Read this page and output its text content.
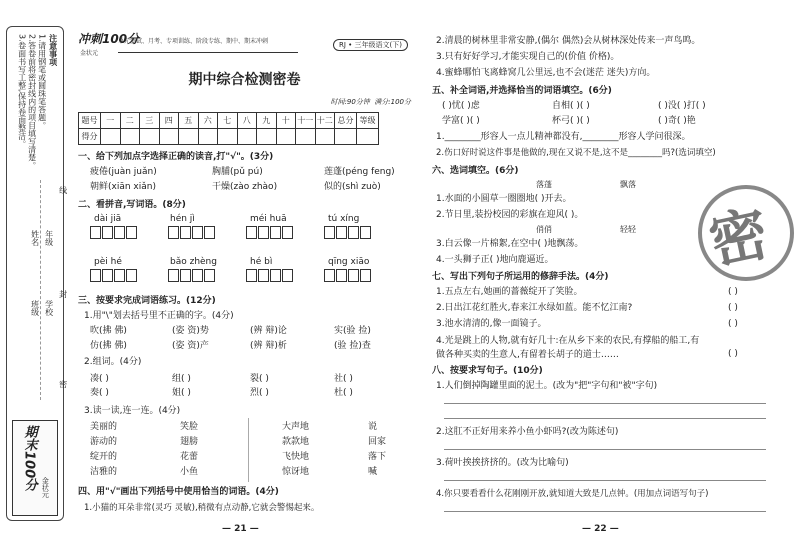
注意事项
1.请用钢笔或圆珠笔答题。
2.答卷前将密封线内的项目填写清楚。
3.卷面书写工整,保持卷面整洁。
学校
班级
年级
姓名
线
封
密
期末100分 金状元
冲刺100分
金状元
单元测试、月考、专项训练、阶段专练、期中、期末冲刺	RJ • 三年级语文(下)
期中综合检测密卷
时间:90分钟 满分:100分
题号	一	二	三	四	五	六	七	八	九	十	十一	十二	总分	等级
得分														
一、给下列加点字选择正确的读音,打"√"。(3分)
疲倦(juàn juǎn)	胸脯(pǔ pú)	莲蓬(péng feng)
朝鲜(xiān xiǎn)	干燥(zào zhào)	似的(shì zuò)
二、看拼音,写词语。(8分)
dài jiā	hén jì	méi huā	tú xíng
pèi hé	bǎo zhèng	hé bì	qīng xiāo
三、按要求完成词语练习。(12分)
1.用"\"划去括号里不正确的字。(4分)
吹(拂 佛)	(姿 资)势	(辨 辩)论	实(验 捡)
仿(拂 佛)	(姿 资)产	(辨 辩)析	(验 捡)查
2.组词。(4分)
凑( )	组( )	裂( )	社( )
奏( )	姐( )	烈( )	杜( )
3.读一读,连一连。(4分)
美丽的
游动的
绽开的
洁雅的
笑脸
翅膀
花蕾
小鱼
大声地
款款地
飞快地
惊讶地
说
回家
落下
喊
四、用"√"画出下列括号中使用恰当的词语。(4分)
1.小猫的耳朵非常(灵巧 灵敏),稍微有点动静,它就会警惕起来。
— 21 —
2.清晨的树林里非常安静,(偶尔 偶然)会从树林深处传来一声鸟鸣。
3.只有好好学习,才能实现自己的(价值 价格)。
4.蜜蜂哪怕飞离蜂窝几公里远,也不会(迷茫 迷失)方向。
五、补全词语,并选择恰当的词语填空。(6分)
( )忧( )虑	自相( )( )	( )没( )打( )
学富( )( )	杯弓( )( )	( )奇( )艳
1.________形容人一点儿精神都没有,________形容人学问很深。
2.伤口好时说这件事是他做的,现在又说不是,这不是________吗?(选词填空)
六、选词填空。(6分)
落蓬	飘落
1.水面的小圆草一圈圈地( )开去。
2.节日里,装扮校园的彩旗在迎风( )。
俏俏	轻轻
3.白云像一片棉絮,在空中( )地飘荡。
4.一头狮子正( )地向鹿逼近。
七、写出下列句子所运用的修辞手法。(4分)
1.五点左右,她画的蔷薇绽开了笑脸。	( )
2.日出江花红胜火,春来江水绿如蓝。能不忆江南?	( )
3.池水清清的,像一面镜子。	( )
4.光是跳上的人物,就有好几十:在从乡下来的农民,有撑船的船工,有做各种买卖的生意人,有留着长胡子的道士……	( )
八、按要求写句子。(10分)
1.人们倒掉陶罐里面的泥土。(改为"把"字句和"被"字句)
2.这肛不正好用来养小鱼小虾吗?(改为陈述句)
3.荷叶挨挨挤挤的。(改为比喻句)
4.你只要看看什么花刚刚开放,就知道大致是几点钟。(用加点词语写句子)
— 22 —
密
